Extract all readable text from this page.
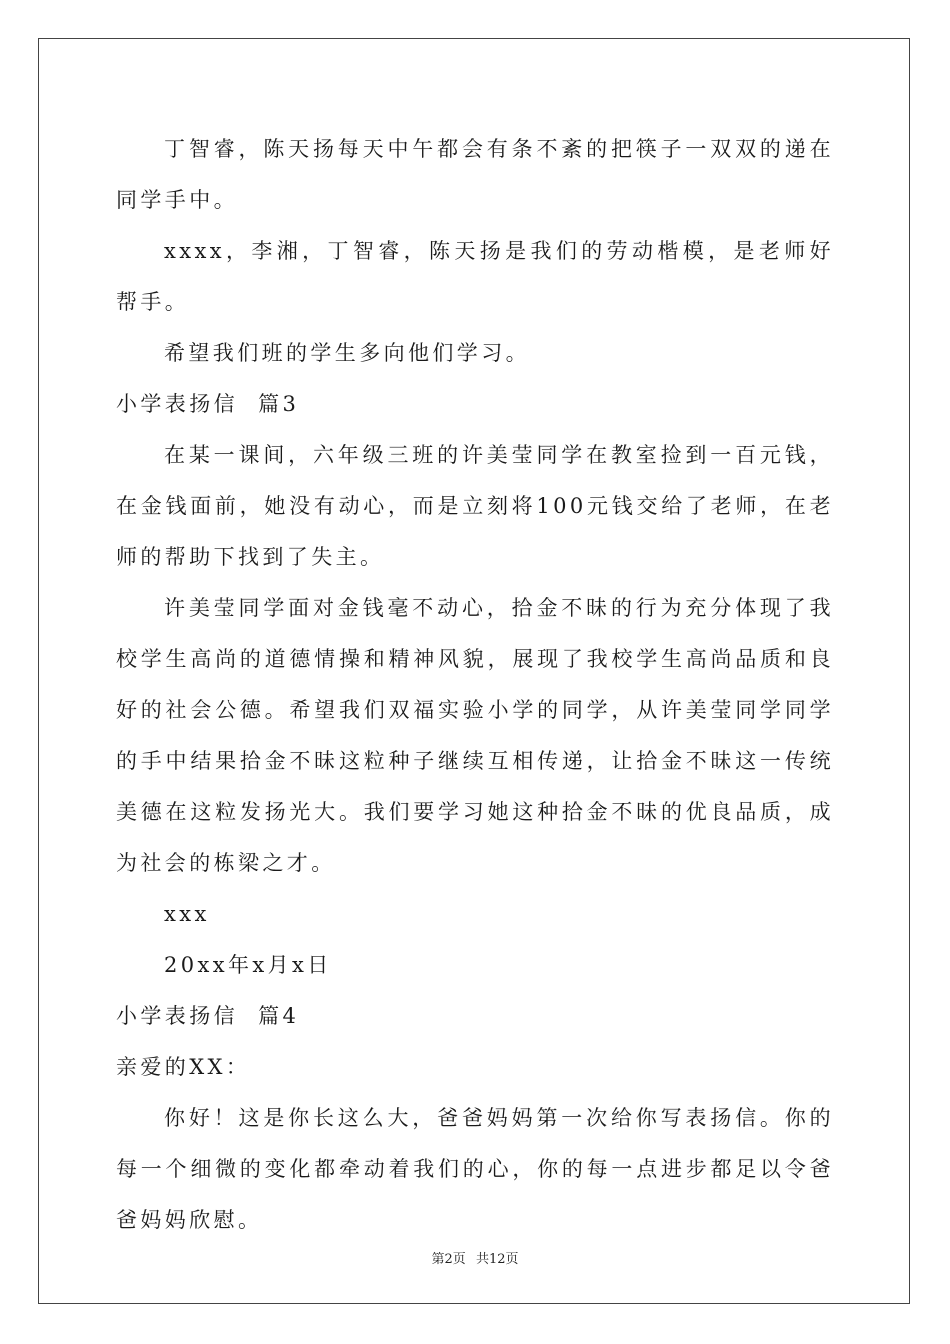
丁智睿，陈天扬每天中午都会有条不紊的把筷子一双双的递在同学手中。

xxxx，李湘，丁智睿，陈天扬是我们的劳动楷模，是老师好帮手。

希望我们班的学生多向他们学习。

小学表扬信  篇3

在某一课间，六年级三班的许美莹同学在教室捡到一百元钱，在金钱面前，她没有动心，而是立刻将100元钱交给了老师，在老师的帮助下找到了失主。

许美莹同学面对金钱毫不动心，拾金不昧的行为充分体现了我校学生高尚的道德情操和精神风貌，展现了我校学生高尚品质和良好的社会公德。希望我们双福实验小学的同学，从许美莹同学同学的手中结果拾金不昧这粒种子继续互相传递，让拾金不昧这一传统美德在这粒发扬光大。我们要学习她这种拾金不昧的优良品质，成为社会的栋梁之才。

xxx

20xx年x月x日

小学表扬信  篇4

亲爱的XX：

你好！这是你长这么大，爸爸妈妈第一次给你写表扬信。你的每一个细微的变化都牵动着我们的心，你的每一点进步都足以令爸爸妈妈欣慰。

第2页 共12页
